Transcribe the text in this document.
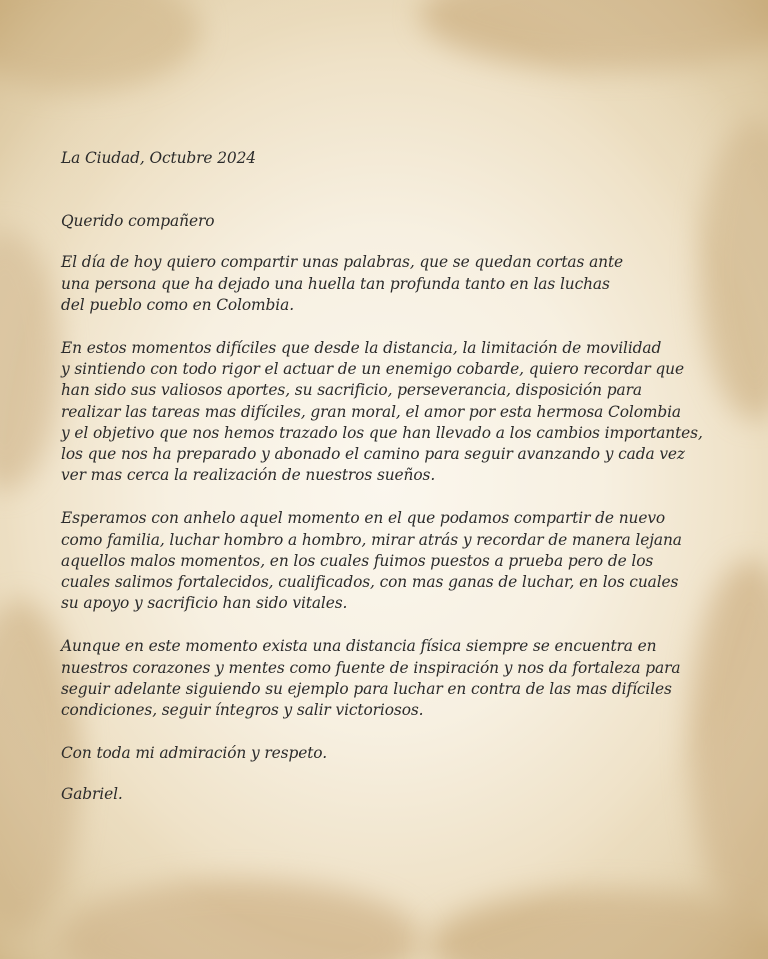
La Ciudad, Octubre 2024

Querido compañero

El día de hoy quiero compartir unas palabras, que se quedan cortas ante
una persona que ha dejado una huella tan profunda tanto en las luchas
del pueblo como en Colombia.

En estos momentos difíciles que desde la distancia, la limitación de movilidad
y sintiendo con todo rigor el actuar de un enemigo cobarde, quiero recordar que
han sido sus valiosos aportes, su sacrificio, perseverancia, disposición para
realizar las tareas mas difíciles, gran moral, el amor por esta hermosa Colombia
y el objetivo que nos hemos trazado los que han llevado a los cambios importantes,
los que nos ha preparado y abonado el camino para seguir avanzando y cada vez
ver mas cerca la realización de nuestros sueños.

Esperamos con anhelo aquel momento en el que podamos compartir de nuevo
como familia, luchar hombro a hombro, mirar atrás y recordar de manera lejana
aquellos malos momentos, en los cuales fuimos puestos a prueba pero de los
cuales salimos fortalecidos, cualificados, con mas ganas de luchar, en los cuales
su apoyo y sacrificio han sido vitales.

Aunque en este momento exista una distancia física siempre se encuentra en
nuestros corazones y mentes como fuente de inspiración y nos da fortaleza para
seguir adelante siguiendo su ejemplo para luchar en contra de las mas difíciles
condiciones, seguir íntegros y salir victoriosos.

Con toda mi admiración y respeto.

Gabriel.
